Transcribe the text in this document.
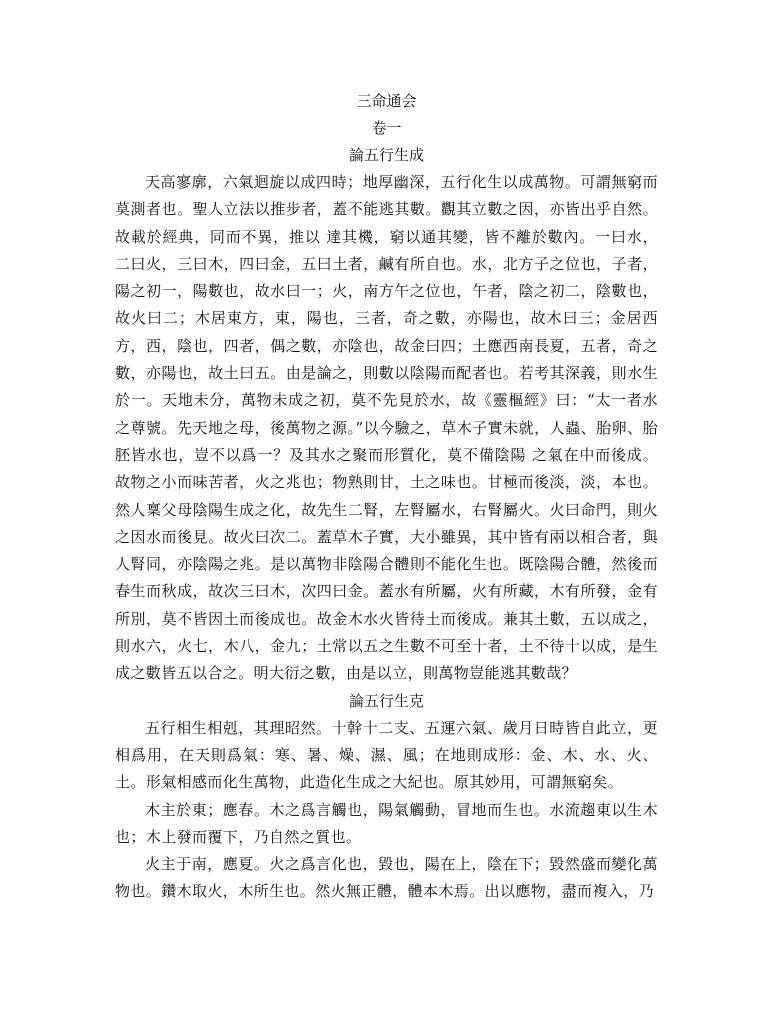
三命通会

卷一

論五行生成

天高寥廓，六氣迴旋以成四時；地厚幽深，五行化生以成萬物。可謂無窮而莫測者也。聖人立法以推步者，蓋不能逃其數。觀其立數之因，亦皆出乎自然。故載於經典，同而不異，推以 達其機，窮以通其變，皆不離於數內。一曰水，二曰火，三曰木，四曰金，五曰土者，鹹有所自也。水，北方子之位也，子者，陽之初一，陽數也，故水曰一；火，南方午之位也，午者，陰之初二，陰數也，故火曰二；木居東方，東，陽也，三者，奇之數，亦陽也，故木曰三；金居西方，西，陰也，四者，偶之數，亦陰也，故金曰四；土應西南長夏，五者，奇之數，亦陽也，故土曰五。由是論之，則數以陰陽而配者也。若考其深義，則水生於一。天地未分，萬物未成之初，莫不先見於水，故《靈樞經》曰：“太一者水之尊號。先天地之母，後萬物之源。”以今驗之，草木子實未就，人蟲、胎卵、胎胚皆水也，豈不以爲一？及其水之聚而形質化，莫不備陰陽 之氣在中而後成。故物之小而味苦者，火之兆也；物熟則甘，土之味也。甘極而後淡，淡，本也。然人稟父母陰陽生成之化，故先生二腎，左腎屬水，右腎屬火。火曰命門，則火之因水而後見。故火曰次二。蓋草木子實，大小雖異，其中皆有兩以相合者，與人腎同，亦陰陽之兆。是以萬物非陰陽合體則不能化生也。既陰陽合體，然後而春生而秋成，故次三曰木，次四曰金。蓋水有所屬，火有所藏，木有所發，金有所別，莫不皆因土而後成也。故金木水火皆待土而後成。兼其土數，五以成之，則水六，火七，木八，金九；土常以五之生數不可至十者，土不待十以成，是生成之數皆五以合之。明大衍之數，由是以立，則萬物豈能逃其數哉？

論五行生克

五行相生相剋，其理昭然。十幹十二支、五運六氣、歲月日時皆自此立，更相爲用，在天則爲氣：寒、暑、燥、濕、風；在地則成形：金、木、水、火、土。形氣相感而化生萬物，此造化生成之大紀也。原其妙用，可謂無窮矣。

木主於東；應春。木之爲言觸也，陽氣觸動，冒地而生也。水流趨東以生木也；木上發而覆下，乃自然之質也。

火主于南，應夏。火之爲言化也，毀也，陽在上，陰在下；毀然盛而變化萬物也。鑽木取火，木所生也。然火無正體，體本木焉。出以應物，盡而複入，乃
